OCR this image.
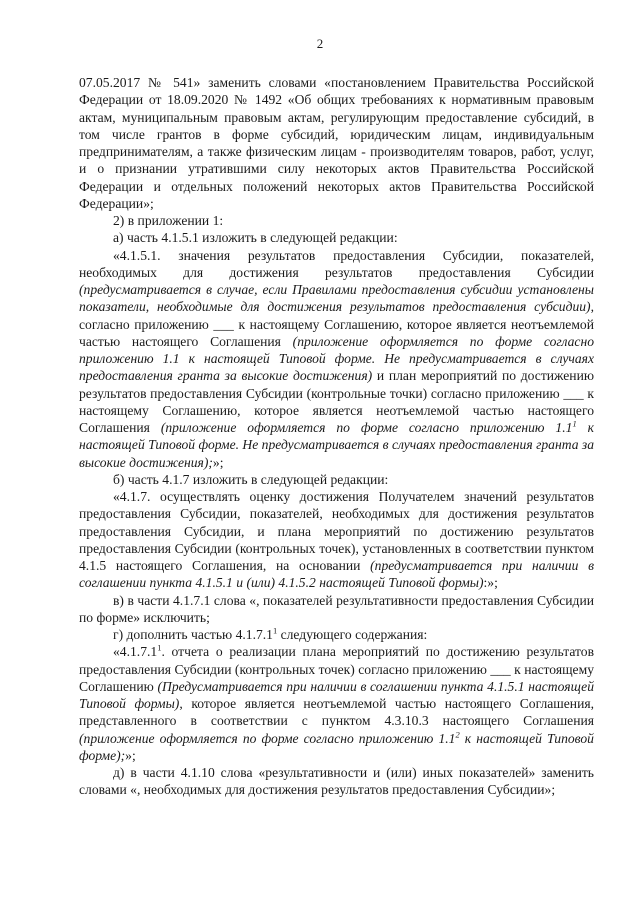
2

07.05.2017 № 541» заменить словами «постановлением Правительства Российской Федерации от 18.09.2020 № 1492 «Об общих требованиях к нормативным правовым актам, муниципальным правовым актам, регулирующим предоставление субсидий, в том числе грантов в форме субсидий, юридическим лицам, индивидуальным предпринимателям, а также физическим лицам - производителям товаров, работ, услуг, и о признании утратившими силу некоторых актов Правительства Российской Федерации и отдельных положений некоторых актов Правительства Российской Федерации»;

2) в приложении 1:

а) часть 4.1.5.1 изложить в следующей редакции:

«4.1.5.1. значения результатов предоставления Субсидии, показателей, необходимых для достижения результатов предоставления Субсидии (предусматривается в случае, если Правилами предоставления субсидии установлены показатели, необходимые для достижения результатов предоставления субсидии), согласно приложению ___ к настоящему Соглашению, которое является неотъемлемой частью настоящего Соглашения (приложение оформляется по форме согласно приложению 1.1 к настоящей Типовой форме. Не предусматривается в случаях предоставления гранта за высокие достижения) и план мероприятий по достижению результатов предоставления Субсидии (контрольные точки) согласно приложению ___ к настоящему Соглашению, которое является неотъемлемой частью настоящего Соглашения (приложение оформляется по форме согласно приложению $1.1^1$ к настоящей Типовой форме. Не предусматривается в случаях предоставления гранта за высокие достижения);»;

б) часть 4.1.7 изложить в следующей редакции:

«4.1.7. осуществлять оценку достижения Получателем значений результатов предоставления Субсидии, показателей, необходимых для достижения результатов предоставления Субсидии, и плана мероприятий по достижению результатов предоставления Субсидии (контрольных точек), установленных в соответствии пунктом 4.1.5 настоящего Соглашения, на основании (предусматривается при наличии в соглашении пункта 4.1.5.1 и (или) 4.1.5.2 настоящей Типовой формы):»;

в) в части 4.1.7.1 слова «, показателей результативности предоставления Субсидии по форме» исключить;

г) дополнить частью 4.1.7.1$^1$ следующего содержания:

«4.1.7.1$^1$. отчета о реализации плана мероприятий по достижению результатов предоставления Субсидии (контрольных точек) согласно приложению ___ к настоящему Соглашению (Предусматривается при наличии в соглашении пункта 4.1.5.1 настоящей Типовой формы), которое является неотъемлемой частью настоящего Соглашения, представленного в соответствии с пунктом 4.3.10.3 настоящего Соглашения (приложение оформляется по форме согласно приложению $1.1^2$ к настоящей Типовой форме);»;

д) в части 4.1.10 слова «результативности и (или) иных показателей» заменить словами «, необходимых для достижения результатов предоставления Субсидии»;
